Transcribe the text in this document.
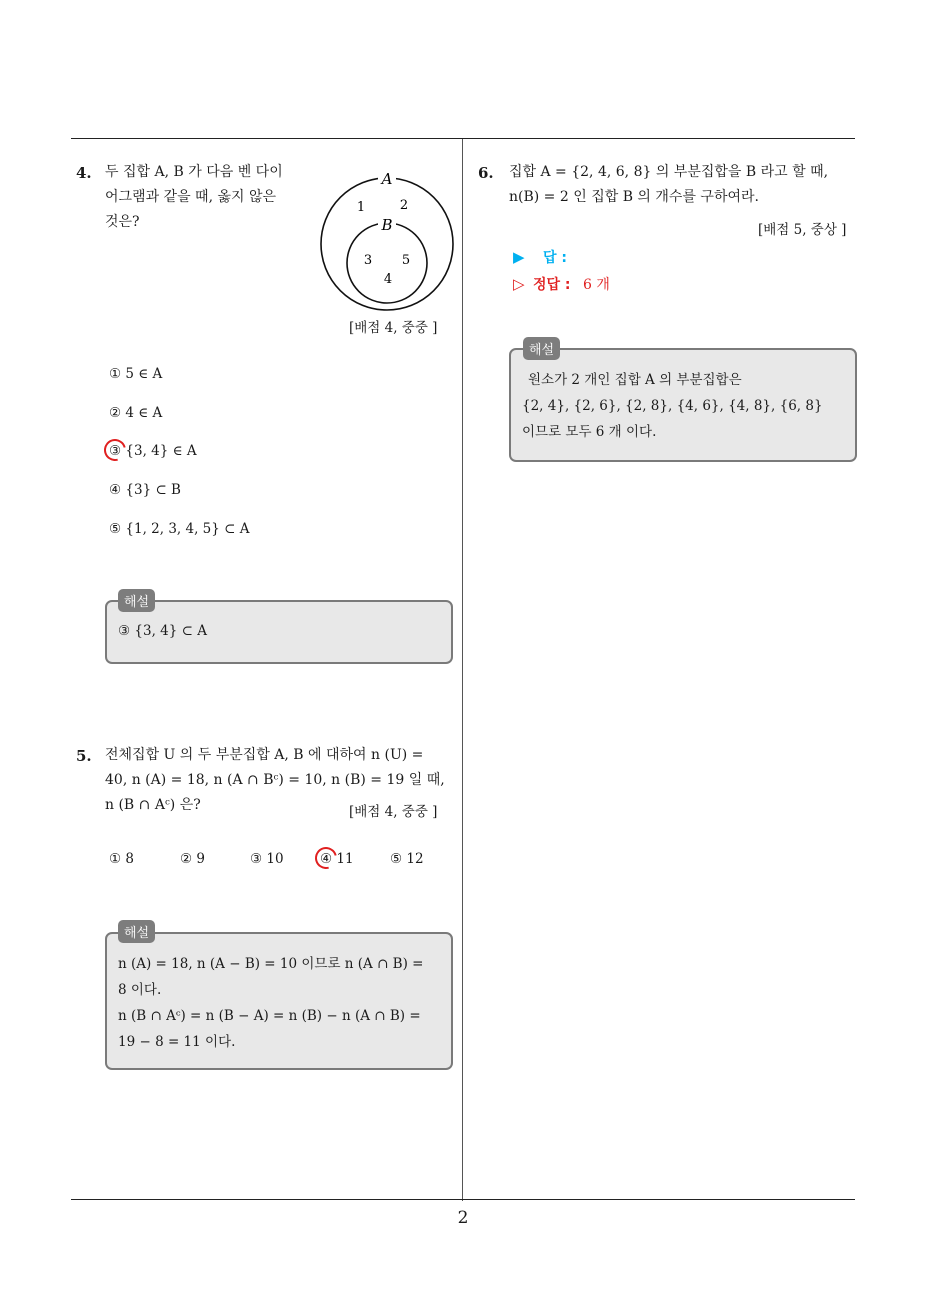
4. 두 집합 A, B 가 다음 벤 다이
어그램과 같을 때, 옳지 않은
것은?
A
B
1	2
3 5
4
[배점 4, 중중 ]
① 5 ∈ A
② 4 ∈ A
③ {3, 4} ∈ A
④ {3} ⊂ B
⑤ {1, 2, 3, 4, 5} ⊂ A
해설
③ {3, 4} ⊂ A
5. 전체집합 U 의 두 부분집합 A, B 에 대하여 n (U) =
40, n (A) = 18, n (A ∩ Bᶜ) = 10, n (B) = 19 일 때,
n (B ∩ Aᶜ) 은?	[배점 4, 중중 ]
① 8	② 9	③ 10	④ 11	⑤ 12
해설
n (A) = 18, n (A − B) = 10 이므로 n (A ∩ B) =
8 이다.
n (B ∩ Aᶜ) = n (B − A) = n (B) − n (A ∩ B) =
19 − 8 = 11 이다.
6. 집합 A = {2, 4, 6, 8} 의 부분집합을 B 라고 할 때,
n(B) = 2 인 집합 B 의 개수를 구하여라.
[배점 5, 중상 ]
▶ 답 :
▷ 정답 : 6 개
해설
원소가 2 개인 집합 A 의 부분집합은
{2, 4}, {2, 6}, {2, 8}, {4, 6}, {4, 8}, {6, 8}
이므로 모두 6 개 이다.
2
